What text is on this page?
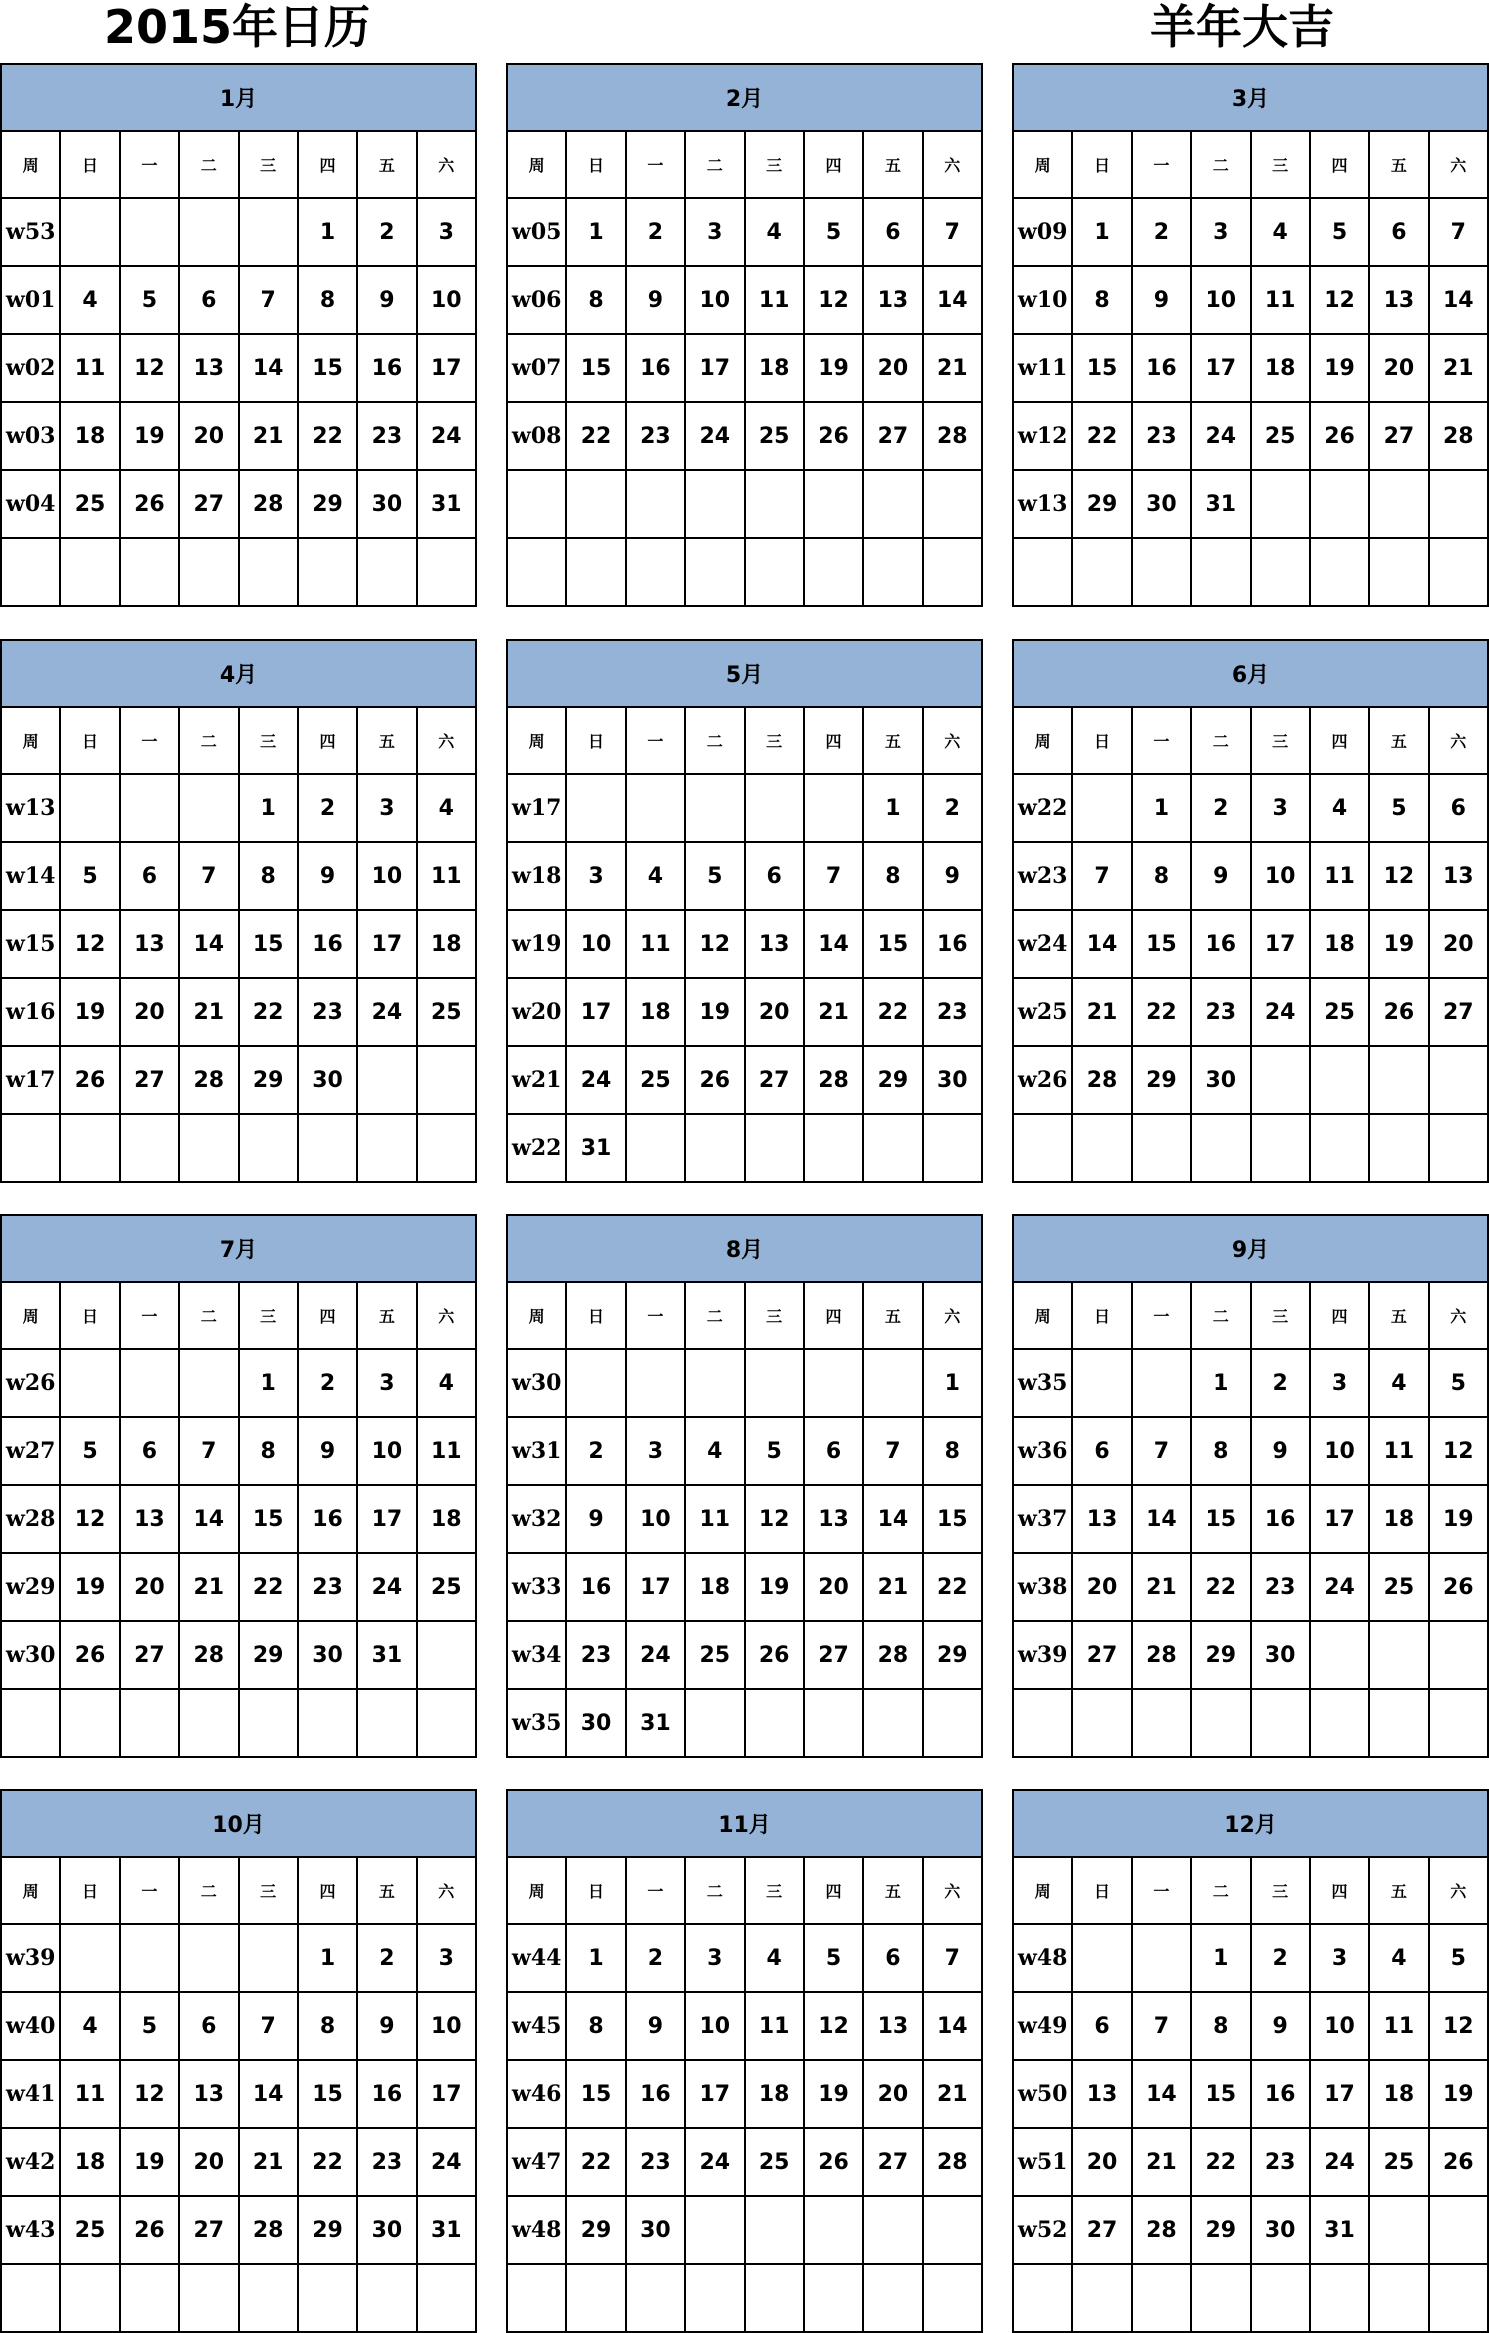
2015年日历	羊年大吉
1月							
周	日	一	二	三	四	五	六
w53					1	2	3
w01	4	5	6	7	8	9	10
w02	11	12	13	14	15	16	17
w03	18	19	20	21	22	23	24
w04	25	26	27	28	29	30	31

2月							
周	日	一	二	三	四	五	六
w05	1	2	3	4	5	6	7
w06	8	9	10	11	12	13	14
w07	15	16	17	18	19	20	21
w08	22	23	24	25	26	27	28

3月							
周	日	一	二	三	四	五	六
w09	1	2	3	4	5	6	7
w10	8	9	10	11	12	13	14
w11	15	16	17	18	19	20	21
w12	22	23	24	25	26	27	28
w13	29	30	31				

4月							
周	日	一	二	三	四	五	六
w13				1	2	3	4
w14	5	6	7	8	9	10	11
w15	12	13	14	15	16	17	18
w16	19	20	21	22	23	24	25
w17	26	27	28	29	30		

5月							
周	日	一	二	三	四	五	六
w17						1	2
w18	3	4	5	6	7	8	9
w19	10	11	12	13	14	15	16
w20	17	18	19	20	21	22	23
w21	24	25	26	27	28	29	30
w22	31						
6月							
周	日	一	二	三	四	五	六
w22		1	2	3	4	5	6
w23	7	8	9	10	11	12	13
w24	14	15	16	17	18	19	20
w25	21	22	23	24	25	26	27
w26	28	29	30				

7月							
周	日	一	二	三	四	五	六
w26				1	2	3	4
w27	5	6	7	8	9	10	11
w28	12	13	14	15	16	17	18
w29	19	20	21	22	23	24	25
w30	26	27	28	29	30	31	

8月							
周	日	一	二	三	四	五	六
w30							1
w31	2	3	4	5	6	7	8
w32	9	10	11	12	13	14	15
w33	16	17	18	19	20	21	22
w34	23	24	25	26	27	28	29
w35	30	31					
9月							
周	日	一	二	三	四	五	六
w35			1	2	3	4	5
w36	6	7	8	9	10	11	12
w37	13	14	15	16	17	18	19
w38	20	21	22	23	24	25	26
w39	27	28	29	30			

10月							
周	日	一	二	三	四	五	六
w39					1	2	3
w40	4	5	6	7	8	9	10
w41	11	12	13	14	15	16	17
w42	18	19	20	21	22	23	24
w43	25	26	27	28	29	30	31

11月							
周	日	一	二	三	四	五	六
w44	1	2	3	4	5	6	7
w45	8	9	10	11	12	13	14
w46	15	16	17	18	19	20	21
w47	22	23	24	25	26	27	28
w48	29	30					

12月							
周	日	一	二	三	四	五	六
w48			1	2	3	4	5
w49	6	7	8	9	10	11	12
w50	13	14	15	16	17	18	19
w51	20	21	22	23	24	25	26
w52	27	28	29	30	31		
